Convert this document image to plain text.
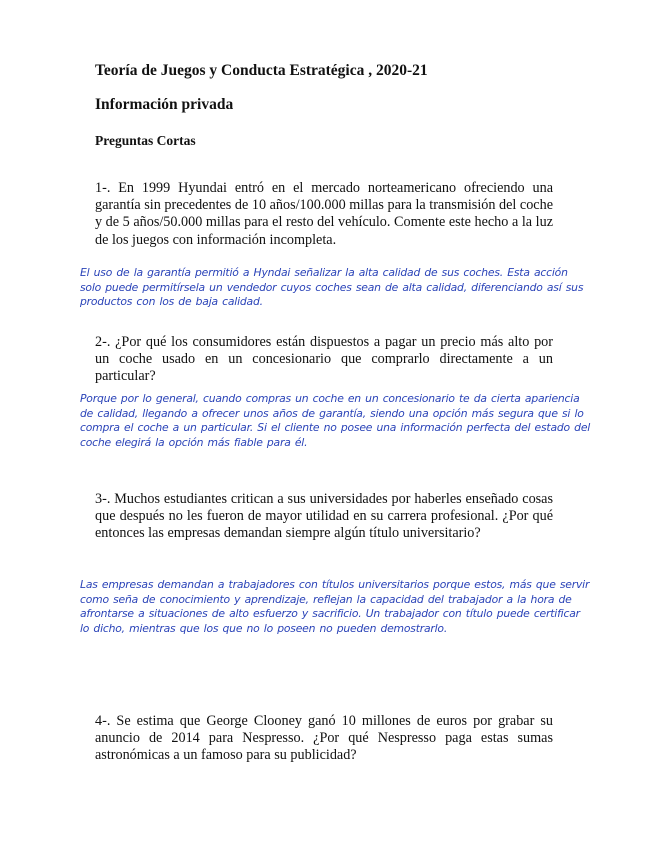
Teoría de Juegos y Conducta Estratégica , 2020-21
Información privada
Preguntas Cortas
1-. En 1999 Hyundai entró en el mercado norteamericano ofreciendo una garantía sin precedentes de 10 años/100.000 millas para la transmisión del coche y de 5 años/50.000 millas para el resto del vehículo. Comente este hecho a la luz de los juegos con información incompleta.
El uso de la garantía permitió a Hyndai señalizar la alta calidad de sus coches. Esta acción solo puede permitírsela un vendedor cuyos coches sean de alta calidad, diferenciando así sus productos con los de baja calidad.
2-. ¿Por qué los consumidores están dispuestos a pagar un precio más alto por un coche usado en un concesionario que comprarlo directamente a un particular?
Porque por lo general, cuando compras un coche en un concesionario te da cierta apariencia de calidad, llegando a ofrecer unos años de garantía, siendo una opción más segura que si lo compra el coche a un particular. Si el cliente no posee una información perfecta del estado del coche elegirá la opción más fiable para él.
3-. Muchos estudiantes critican a sus universidades por haberles enseñado cosas que después no les fueron de mayor utilidad en su carrera profesional. ¿Por qué entonces las empresas demandan siempre algún título universitario?
Las empresas demandan a trabajadores con títulos universitarios porque estos, más que servir como seña de conocimiento y aprendizaje, reflejan la capacidad del trabajador a la hora de afrontarse a situaciones de alto esfuerzo y sacrificio. Un trabajador con título puede certificar lo dicho, mientras que los que no lo poseen no pueden demostrarlo.
4-. Se estima que George Clooney ganó 10 millones de euros por grabar su anuncio de 2014 para Nespresso. ¿Por qué Nespresso paga estas sumas astronómicas a un famoso para su publicidad?
